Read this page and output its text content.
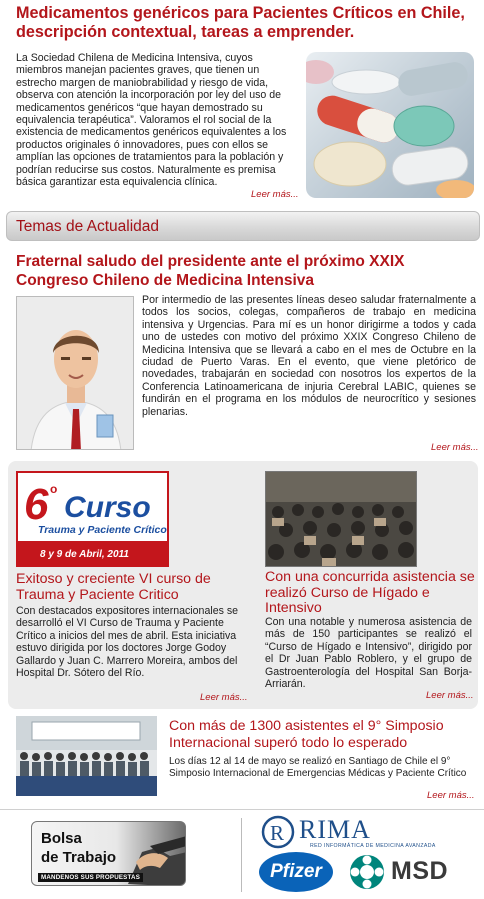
Medicamentos genéricos para Pacientes Críticos en Chile, descripción contextual, tareas a emprender.

La Sociedad Chilena de Medicina Intensiva, cuyos miembros manejan pacientes graves, que tienen un estrecho margen de maniobrabilidad y riesgo de vida, observa con atención la incorporación por ley del uso de medicamentos genéricos “que hayan demostrado su equivalencia terapéutica”. Valoramos el rol social de la existencia de medicamentos genéricos equivalentes a los productos originales ó innovadores, pues con ellos se amplían las opciones de tratamientos para la población y podrían reducirse sus costos. Naturalmente es premisa básica garantizar esta equivalencia clínica.

Leer más...
Temas de Actualidad
Fraternal saludo del presidente ante el próximo XXIX Congreso Chileno de Medicina Intensiva

Por intermedio de las presentes líneas deseo saludar fraternalmente a todos los socios, colegas, compañeros de trabajo en medicina intensiva y Urgencias. Para mí es un honor dirigirme a todos y cada uno de ustedes con motivo del próximo XXIX Congreso Chileno de Medicina Intensiva que se llevará a cabo en el mes de Octubre en la ciudad de Puerto Varas. En el evento, que viene pletórico de novedades, trabajarán en sociedad con nosotros los expertos de la Conferencia Latinoamericana de injuria Cerebral LABIC, quienes se fundirán en el programa en los módulos de neurocrítico y sesiones plenarias.

Leer más...
6 o
Curso
Trauma y Paciente Crítico
8 y 9 de Abril, 2011
Exitoso y creciente VI curso de Trauma y Paciente Critico

Con destacados expositores internacionales se desarrolló el VI Curso de Trauma y Paciente Crítico a inicios del mes de abril. Esta iniciativa estuvo dirigida por los doctores Jorge Godoy Gallardo y Juan C. Marrero Moreira, ambos del Hospital Dr. Sótero del Río.

Leer más...
Con una concurrida asistencia se realizó Curso de Hígado e Intensivo

Con una notable y numerosa asistencia de más de 150 participantes se realizó el “Curso de Hígado e Intensivo”, dirigido por el Dr Juan Pablo Roblero, y el grupo de Gastroenterología del Hospital San Borja- Arriarán.

Leer más...
Con más de 1300 asistentes el 9° Simposio Internacional superó todo lo esperado

Los días 12 al 14 de mayo se realizó en Santiago de Chile el 9° Simposio Internacional de Emergencias Médicas y Paciente Crítico

Leer más...
Bolsa
de Trabajo
MANDENOS SUS PROPUESTAS
R RIMA
RED INFORMÁTICA DE MEDICINA AVANZADA
Pfizer	MSD
